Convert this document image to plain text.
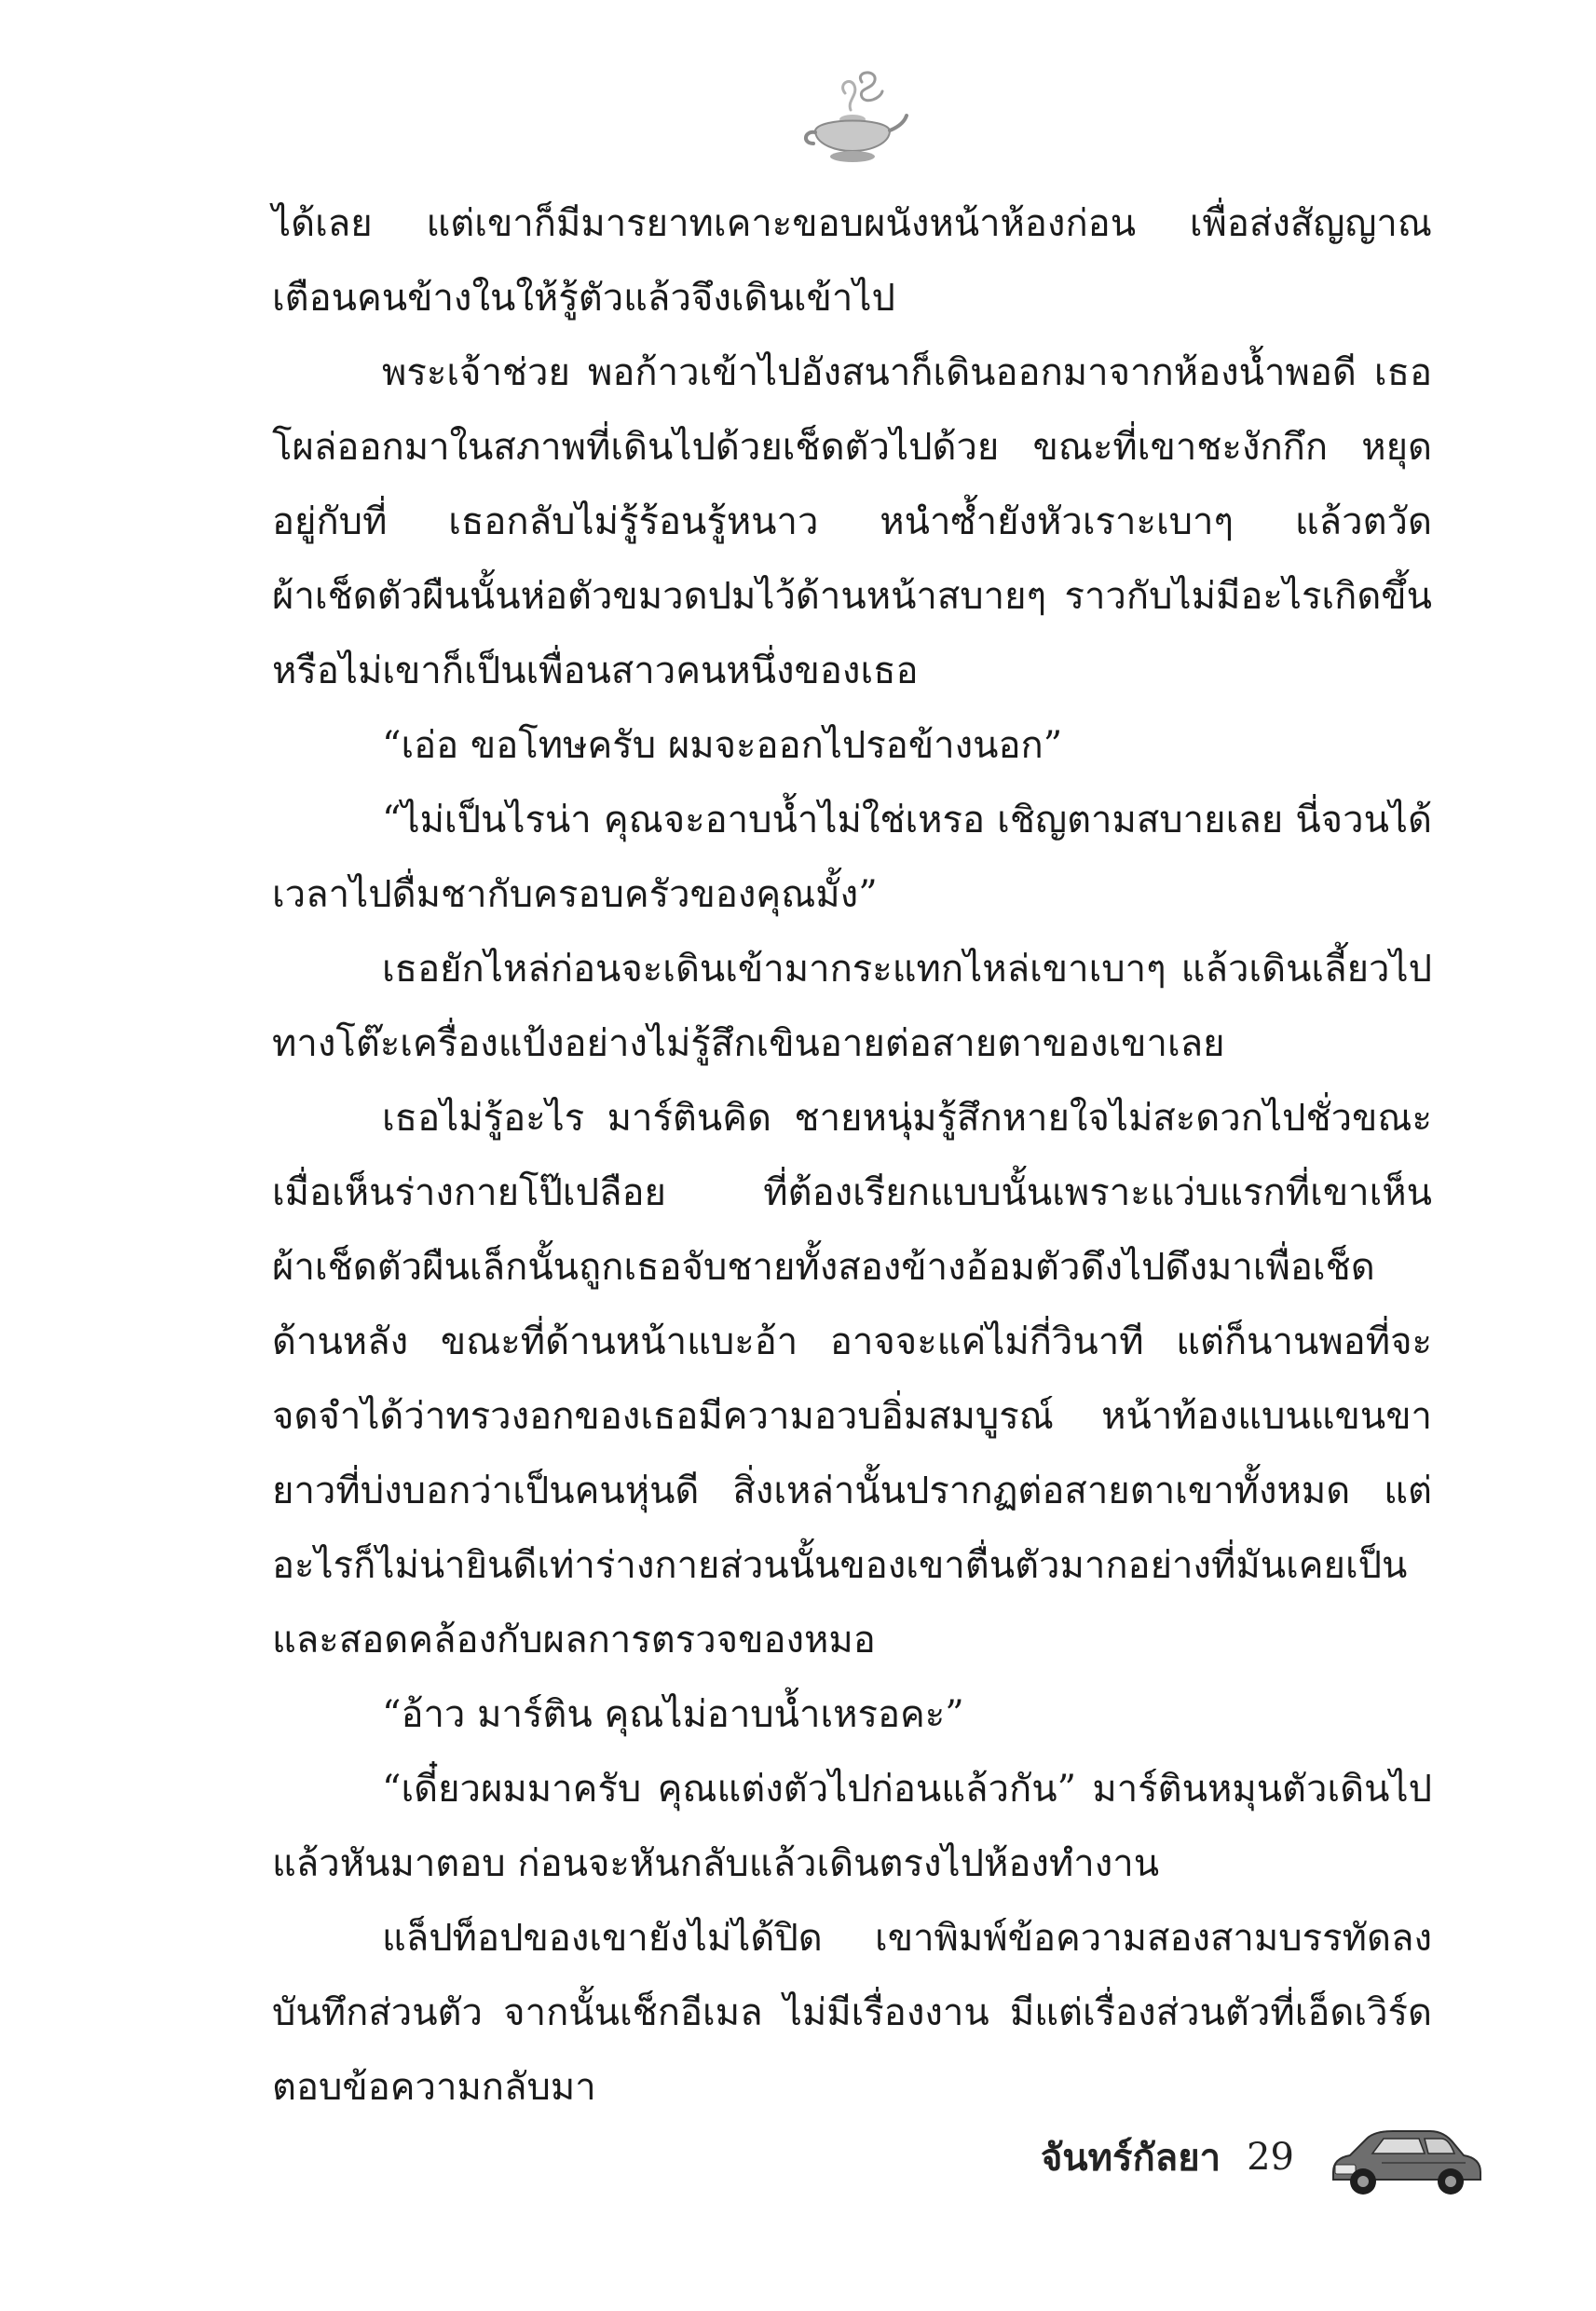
ได้เลย แต่เขาก็มีมารยาทเคาะขอบผนังหน้าห้องก่อน เพื่อส่งสัญญาณเตือนคนข้างในให้รู้ตัวแล้วจึงเดินเข้าไป

พระเจ้าช่วย พอก้าวเข้าไปอังสนาก็เดินออกมาจากห้องน้ำพอดี เธอโผล่ออกมาในสภาพที่เดินไปด้วยเช็ดตัวไปด้วย ขณะที่เขาชะงักกึก หยุดอยู่กับที่ เธอกลับไม่รู้ร้อนรู้หนาว หนำซ้ำยังหัวเราะเบาๆ แล้วตวัดผ้าเช็ดตัวผืนนั้นห่อตัวขมวดปมไว้ด้านหน้าสบายๆ ราวกับไม่มีอะไรเกิดขึ้นหรือไม่เขาก็เป็นเพื่อนสาวคนหนึ่งของเธอ

“เอ่อ ขอโทษครับ ผมจะออกไปรอข้างนอก”

“ไม่เป็นไรน่า คุณจะอาบน้ำไม่ใช่เหรอ เชิญตามสบายเลย นี่จวนได้เวลาไปดื่มชากับครอบครัวของคุณมั้ง”

เธอยักไหล่ก่อนจะเดินเข้ามากระแทกไหล่เขาเบาๆ แล้วเดินเลี้ยวไปทางโต๊ะเครื่องแป้งอย่างไม่รู้สึกเขินอายต่อสายตาของเขาเลย

เธอไม่รู้อะไร มาร์ตินคิด ชายหนุ่มรู้สึกหายใจไม่สะดวกไปชั่วขณะ เมื่อเห็นร่างกายโป๊เปลือย ที่ต้องเรียกแบบนั้นเพราะแว่บแรกที่เขาเห็นผ้าเช็ดตัวผืนเล็กนั้นถูกเธอจับชายทั้งสองข้างอ้อมตัวดึงไปดึงมาเพื่อเช็ดด้านหลัง ขณะที่ด้านหน้าแบะอ้า อาจจะแค่ไม่กี่วินาที แต่ก็นานพอที่จะจดจำได้ว่าทรวงอกของเธอมีความอวบอิ่มสมบูรณ์ หน้าท้องแบนแขนขายาวที่บ่งบอกว่าเป็นคนหุ่นดี สิ่งเหล่านั้นปรากฏต่อสายตาเขาทั้งหมด แต่อะไรก็ไม่น่ายินดีเท่าร่างกายส่วนนั้นของเขาตื่นตัวมากอย่างที่มันเคยเป็นและสอดคล้องกับผลการตรวจของหมอ

“อ้าว มาร์ติน คุณไม่อาบน้ำเหรอคะ”

“เดี๋ยวผมมาครับ คุณแต่งตัวไปก่อนแล้วกัน” มาร์ตินหมุนตัวเดินไปแล้วหันมาตอบ ก่อนจะหันกลับแล้วเดินตรงไปห้องทำงาน

แล็ปท็อปของเขายังไม่ได้ปิด เขาพิมพ์ข้อความสองสามบรรทัดลงบันทึกส่วนตัว จากนั้นเช็กอีเมล ไม่มีเรื่องงาน มีแต่เรื่องส่วนตัวที่เอ็ดเวิร์ดตอบข้อความกลับมา

จันทร์กัลยา 29
